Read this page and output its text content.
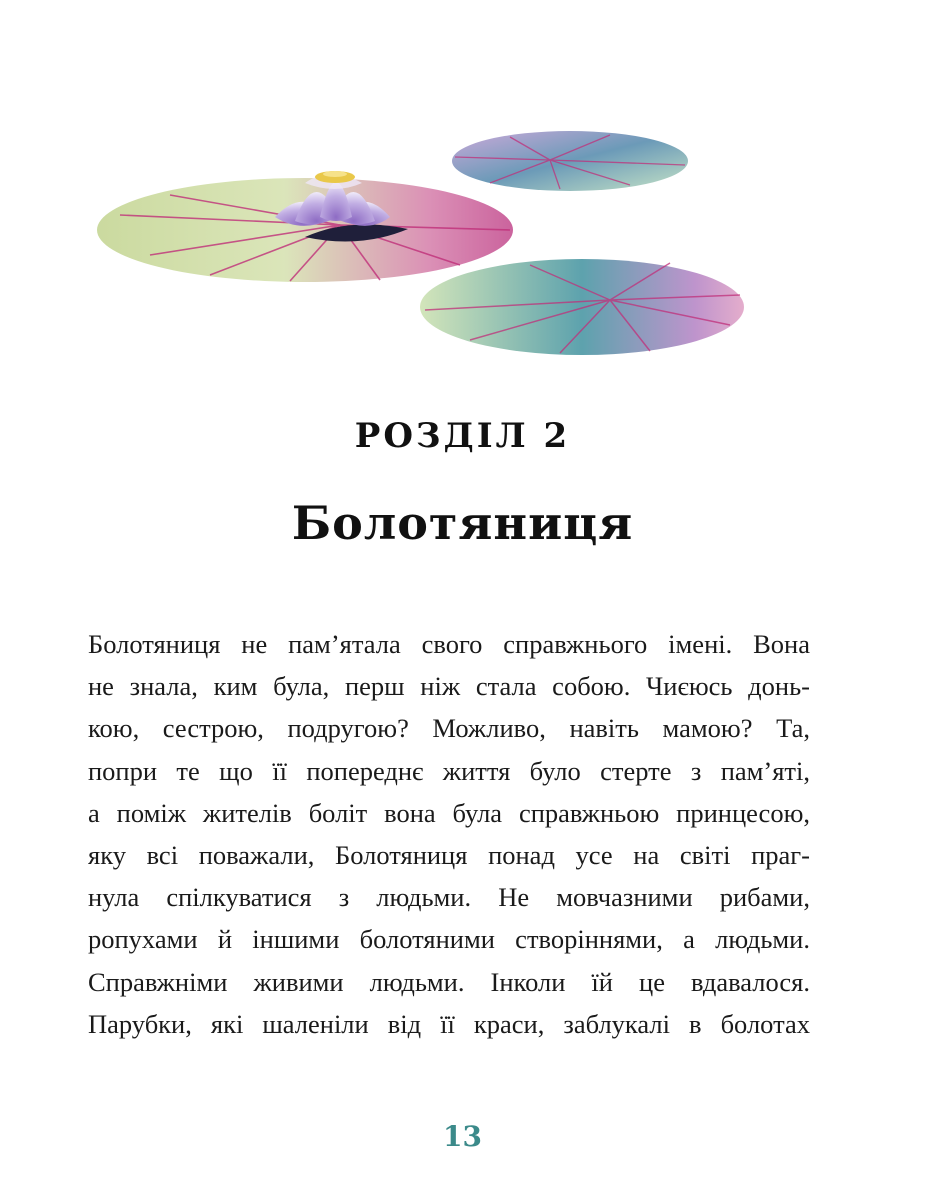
РОЗДІЛ 2
Болотяниця
Болотяниця не пам’ятала свого справжнього імені. Вона
не знала, ким була, перш ніж стала собою. Чиєюсь донь-
кою, сестрою, подругою? Можливо, навіть мамою? Та,
попри те що її попереднє життя було стерте з пам’яті,
а поміж жителів боліт вона була справжньою принцесою,
яку всі поважали, Болотяниця понад усе на світі праг-
нула спілкуватися з людьми. Не мовчазними рибами,
ропухами й іншими болотяними створіннями, а людьми.
Справжніми живими людьми. Інколи їй це вдавалося.
Парубки, які шаленіли від її краси, заблукалі в болотах
13
